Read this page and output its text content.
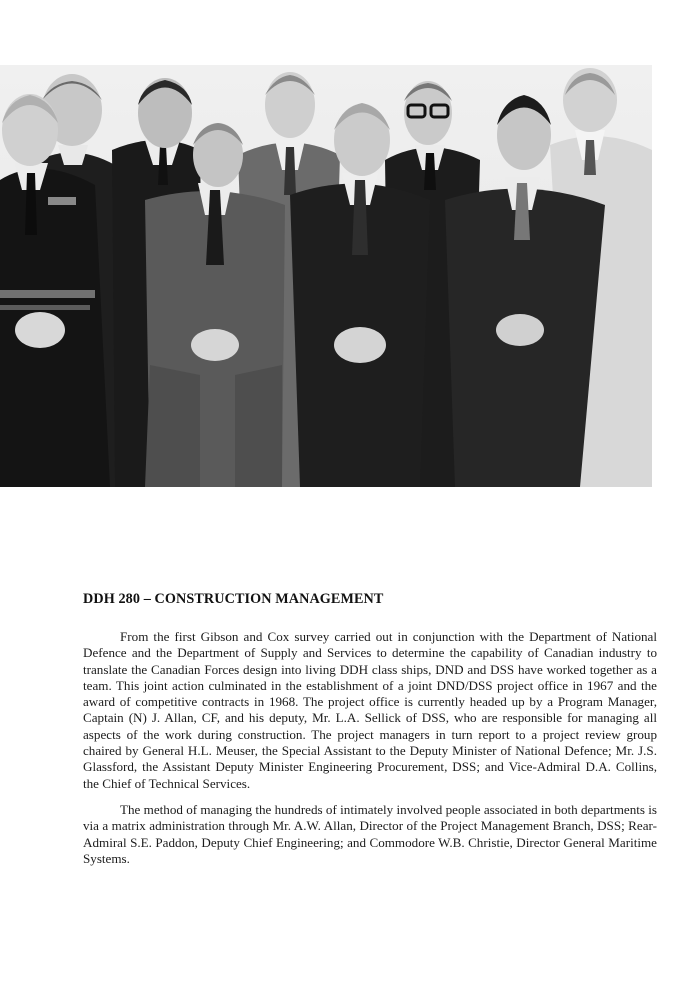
DDH 280 – CONSTRUCTION MANAGEMENT

From the first Gibson and Cox survey carried out in conjunction with the Department of National Defence and the Department of Supply and Services to determine the capability of Canadian industry to translate the Canadian Forces design into living DDH class ships, DND and DSS have worked together as a team. This joint action culminated in the establishment of a joint DND/DSS project office in 1967 and the award of competitive contracts in 1968. The project office is currently headed up by a Program Manager, Captain (N) J. Allan, CF, and his deputy, Mr. L.A. Sellick of DSS, who are responsible for managing all aspects of the work during construction. The project managers in turn report to a project review group chaired by General H.L. Meuser, the Special Assistant to the Deputy Minister of National Defence; Mr. J.S. Glassford, the Assistant Deputy Minister Engineering Procurement, DSS; and Vice-Admiral D.A. Collins, the Chief of Technical Services.

The method of managing the hundreds of intimately involved people associated in both departments is via a matrix administration through Mr. A.W. Allan, Director of the Project Management Branch, DSS; Rear-Admiral S.E. Paddon, Deputy Chief Engineering; and Commodore W.B. Christie, Director General Maritime Systems.
